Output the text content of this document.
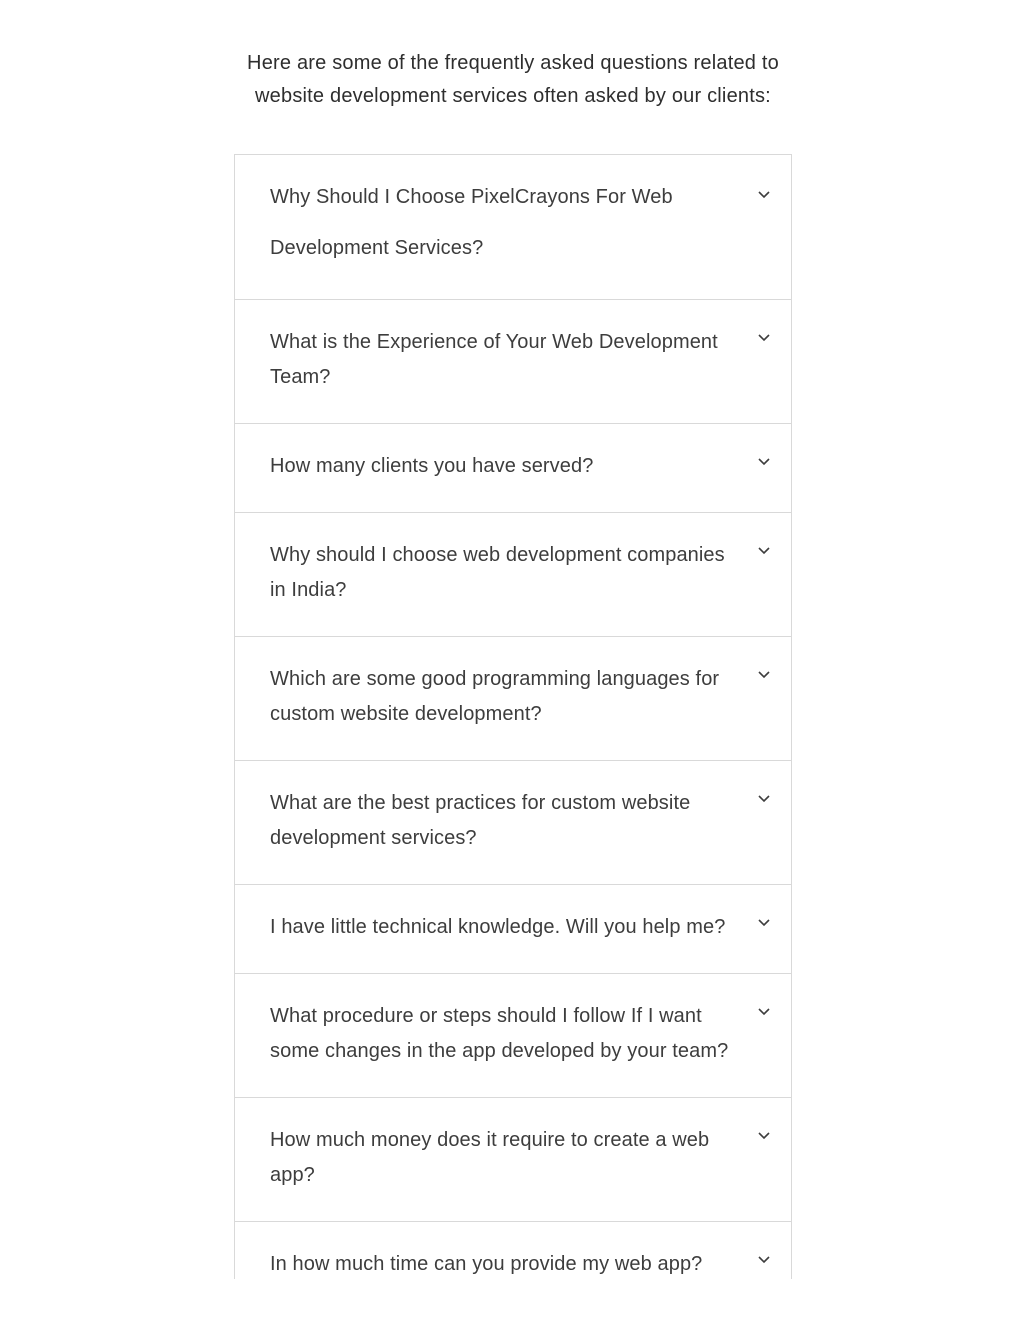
Here are some of the frequently asked questions related to website development services often asked by our clients:
Why Should I Choose PixelCrayons For Web Development Services?
What is the Experience of Your Web Development Team?
How many clients you have served?
Why should I choose web development companies in India?
Which are some good programming languages for custom website development?
What are the best practices for custom website development services?
I have little technical knowledge. Will you help me?
What procedure or steps should I follow If I want some changes in the app developed by your team?
How much money does it require to create a web app?
In how much time can you provide my web app?
